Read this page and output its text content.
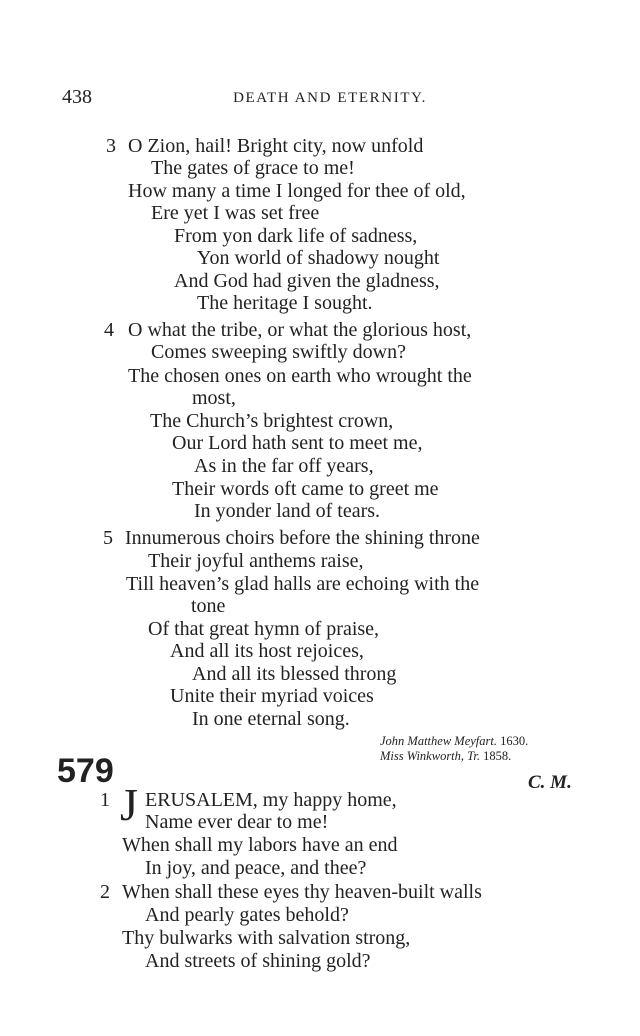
438	DEATH AND ETERNITY.
3 O Zion, hail! Bright city, now unfold
The gates of grace to me!
How many a time I longed for thee of old,
Ere yet I was set free
From yon dark life of sadness,
Yon world of shadowy nought
And God had given the gladness,
The heritage I sought.
4 O what the tribe, or what the glorious host,
Comes sweeping swiftly down?
The chosen ones on earth who wrought the
most,
The Church’s brightest crown,
Our Lord hath sent to meet me,
As in the far off years,
Their words oft came to greet me
In yonder land of tears.
5 Innumerous choirs before the shining throne
Their joyful anthems raise,
Till heaven’s glad halls are echoing with the
tone
Of that great hymn of praise,
And all its host rejoices,
And all its blessed throng
Unite their myriad voices
In one eternal song.
John Matthew Meyfart. 1630.
Miss Winkworth, Tr. 1858.
579	C. M.
1 J ERUSALEM, my happy home,
Name ever dear to me!
When shall my labors have an end
In joy, and peace, and thee?
2 When shall these eyes thy heaven-built walls
And pearly gates behold?
Thy bulwarks with salvation strong,
And streets of shining gold?
